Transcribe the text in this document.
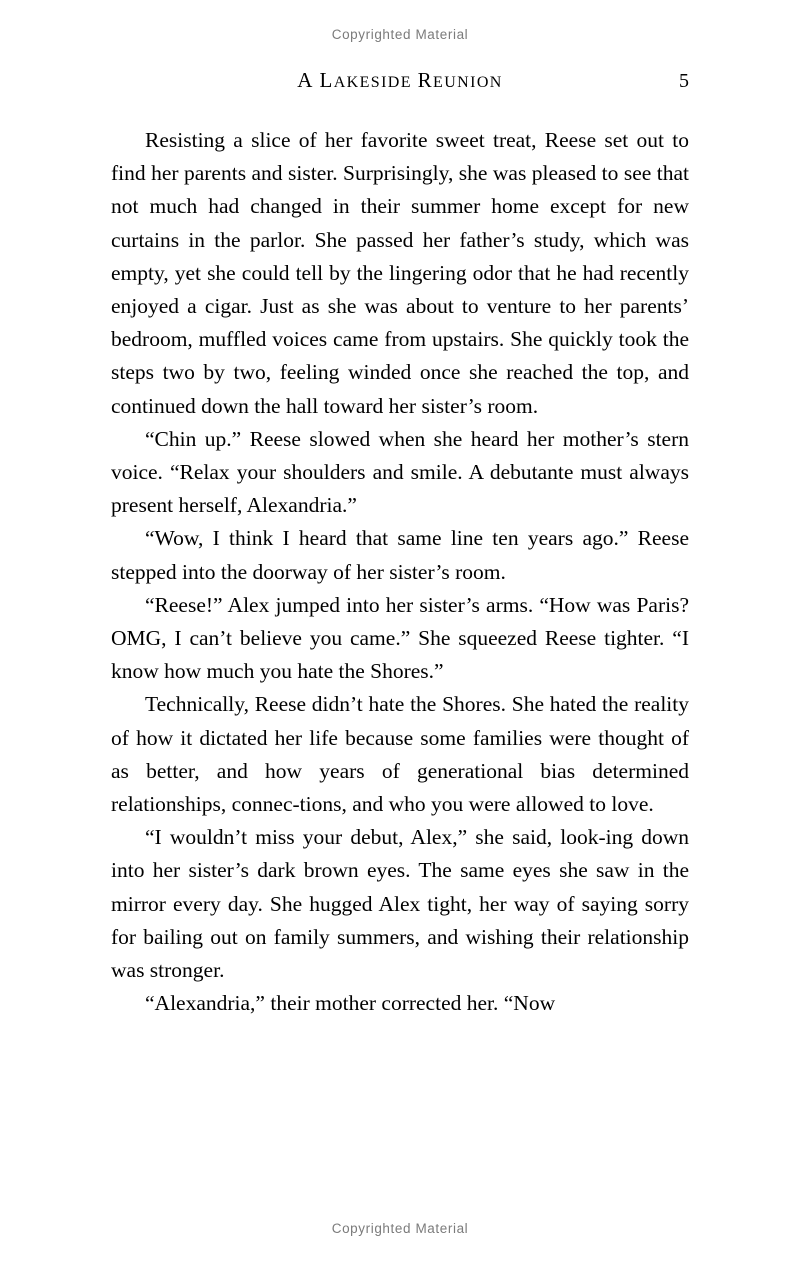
Copyrighted Material
A LAKESIDE REUNION	5

Resisting a slice of her favorite sweet treat, Reese set out to find her parents and sister. Surprisingly, she was pleased to see that not much had changed in their summer home except for new curtains in the parlor. She passed her father’s study, which was empty, yet she could tell by the lingering odor that he had recently enjoyed a cigar. Just as she was about to venture to her parents’ bedroom, muffled voices came from upstairs. She quickly took the steps two by two, feeling winded once she reached the top, and continued down the hall toward her sister’s room.

“Chin up.” Reese slowed when she heard her mother’s stern voice. “Relax your shoulders and smile. A debutante must always present herself, Alexandria.”

“Wow, I think I heard that same line ten years ago.” Reese stepped into the doorway of her sister’s room.

“Reese!” Alex jumped into her sister’s arms. “How was Paris? OMG, I can’t believe you came.” She squeezed Reese tighter. “I know how much you hate the Shores.”

Technically, Reese didn’t hate the Shores. She hated the reality of how it dictated her life because some families were thought of as better, and how years of generational bias determined relationships, connec-tions, and who you were allowed to love.

“I wouldn’t miss your debut, Alex,” she said, look-ing down into her sister’s dark brown eyes. The same eyes she saw in the mirror every day. She hugged Alex tight, her way of saying sorry for bailing out on family summers, and wishing their relationship was stronger.

“Alexandria,” their mother corrected her. “Now

Copyrighted Material
